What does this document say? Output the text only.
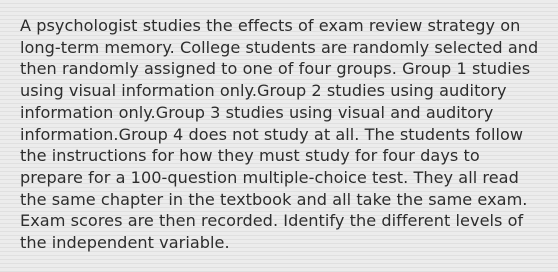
A psychologist studies the effects of exam review strategy on long-term memory. College students are randomly selected and then randomly assigned to one of four groups. Group 1 studies using visual information only.Group 2 studies using auditory information only.Group 3 studies using visual and auditory information.Group 4 does not study at all. The students follow the instructions for how they must study for four days to prepare for a 100-question multiple-choice test. They all read the same chapter in the textbook and all take the same exam. Exam scores are then recorded. Identify the different levels of the independent variable.
